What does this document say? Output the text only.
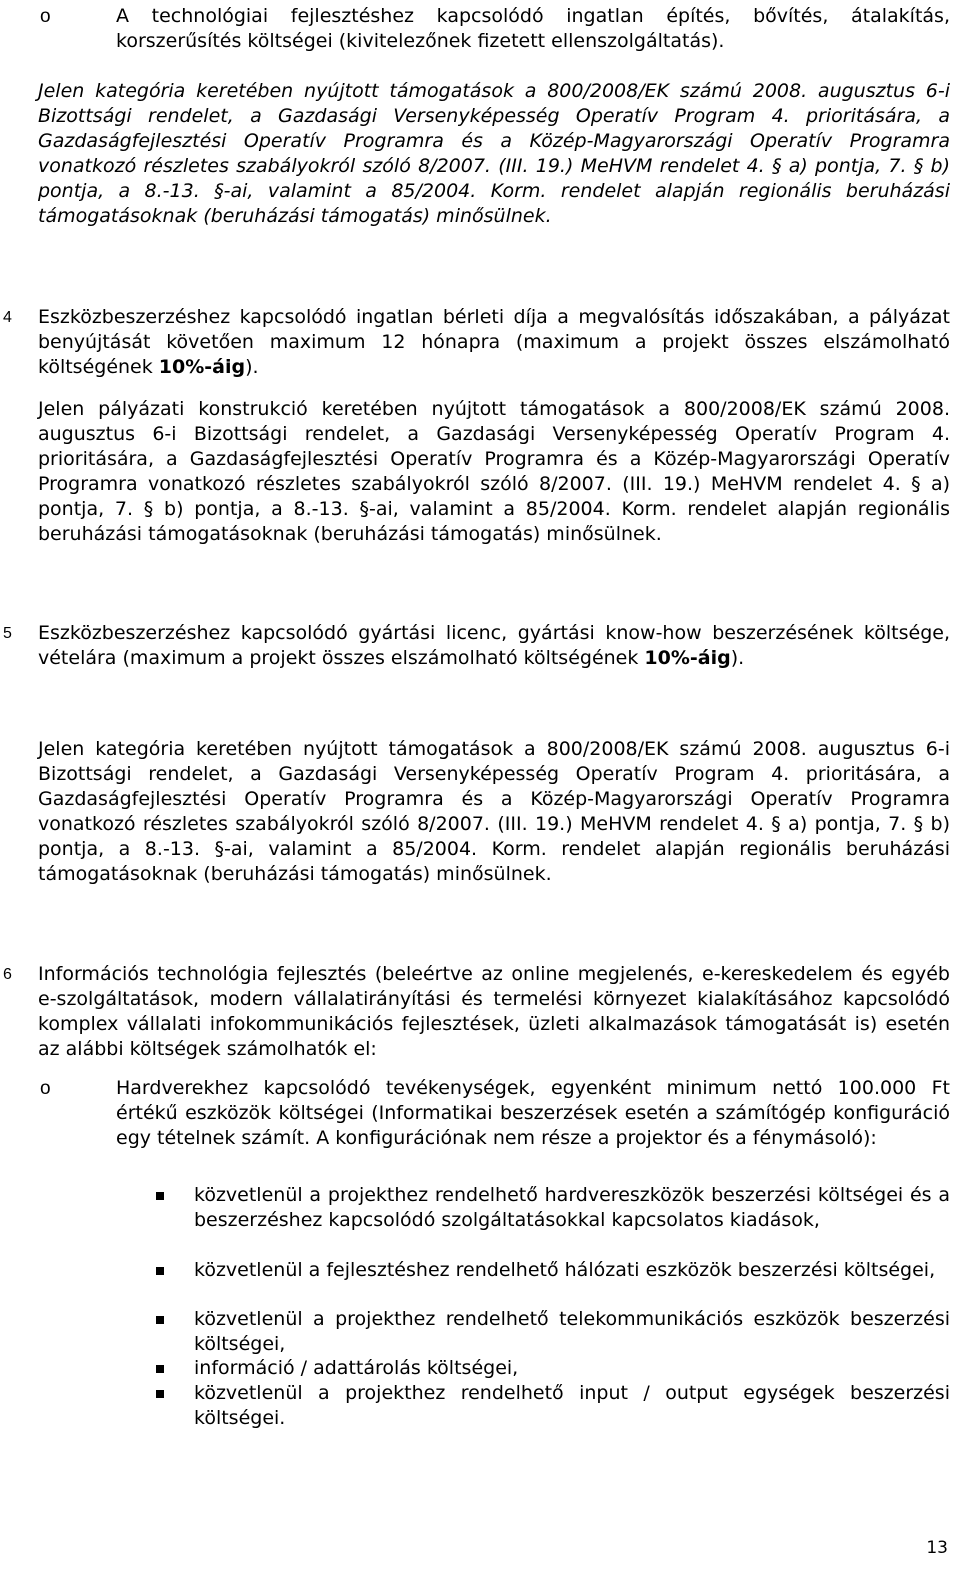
o	A technológiai fejlesztéshez kapcsolódó ingatlan építés, bővítés, átalakítás, korszerűsítés költségei (kivitelezőnek fizetett ellenszolgáltatás).
Jelen kategória keretében nyújtott támogatások a 800/2008/EK számú 2008. augusztus 6-i Bizottsági rendelet, a Gazdasági Versenyképesség Operatív Program 4. prioritására, a Gazdaságfejlesztési Operatív Programra és a Közép-Magyarországi Operatív Programra vonatkozó részletes szabályokról szóló 8/2007. (III. 19.) MeHVM rendelet 4. § a) pontja, 7. § b) pontja, a 8.-13. §-ai, valamint a 85/2004. Korm. rendelet alapján regionális beruházási támogatásoknak (beruházási támogatás) minősülnek.
4 Eszközbeszerzéshez kapcsolódó ingatlan bérleti díja a megvalósítás időszakában, a pályázat benyújtását követően maximum 12 hónapra (maximum a projekt összes elszámolható költségének 10%-áig).
Jelen pályázati konstrukció keretében nyújtott támogatások a 800/2008/EK számú 2008. augusztus 6-i Bizottsági rendelet, a Gazdasági Versenyképesség Operatív Program 4. prioritására, a Gazdaságfejlesztési Operatív Programra és a Közép-Magyarországi Operatív Programra vonatkozó részletes szabályokról szóló 8/2007. (III. 19.) MeHVM rendelet 4. § a) pontja, 7. § b) pontja, a 8.-13. §-ai, valamint a 85/2004. Korm. rendelet alapján regionális beruházási támogatásoknak (beruházási támogatás) minősülnek.
5 Eszközbeszerzéshez kapcsolódó gyártási licenc, gyártási know-how beszerzésének költsége, vételára (maximum a projekt összes elszámolható költségének 10%-áig).
Jelen kategória keretében nyújtott támogatások a 800/2008/EK számú 2008. augusztus 6-i Bizottsági rendelet, a Gazdasági Versenyképesség Operatív Program 4. prioritására, a Gazdaságfejlesztési Operatív Programra és a Közép-Magyarországi Operatív Programra vonatkozó részletes szabályokról szóló 8/2007. (III. 19.) MeHVM rendelet 4. § a) pontja, 7. § b) pontja, a 8.-13. §-ai, valamint a 85/2004. Korm. rendelet alapján regionális beruházási támogatásoknak (beruházási támogatás) minősülnek.
6 Információs technológia fejlesztés (beleértve az online megjelenés, e-kereskedelem és egyéb e-szolgáltatások, modern vállalatirányítási és termelési környezet kialakításához kapcsolódó komplex vállalati infokommunikációs fejlesztések, üzleti alkalmazások támogatását is) esetén az alábbi költségek számolhatók el:
o	Hardverekhez kapcsolódó tevékenységek, egyenként minimum nettó 100.000 Ft értékű eszközök költségei (Informatikai beszerzések esetén a számítógép konfiguráció egy tételnek számít. A konfigurációnak nem része a projektor és a fénymásoló):
közvetlenül a projekthez rendelhető hardvereszközök beszerzési költségei és a beszerzéshez kapcsolódó szolgáltatásokkal kapcsolatos kiadások,
közvetlenül a fejlesztéshez rendelhető hálózati eszközök beszerzési költségei,
közvetlenül a projekthez rendelhető telekommunikációs eszközök beszerzési költségei,
információ / adattárolás költségei,
közvetlenül a projekthez rendelhető input / output egységek beszerzési költségei.
13
